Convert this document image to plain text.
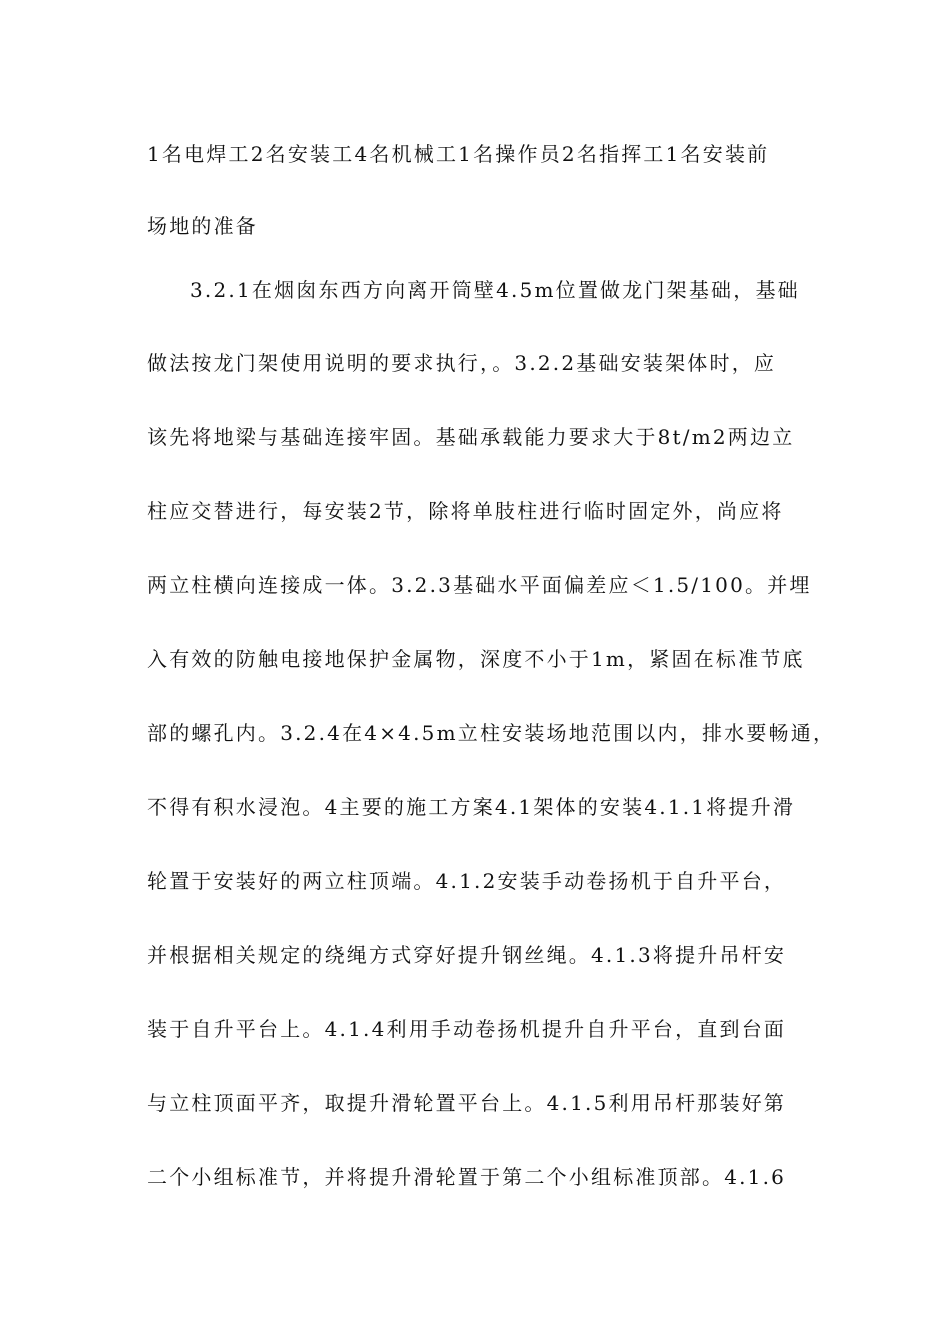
1名电焊工2名安装工4名机械工1名操作员2名指挥工1名安装前
场地的准备
3.2.1在烟囱东西方向离开筒壁4.5m位置做龙门架基础，基础
做法按龙门架使用说明的要求执行，。3.2.2基础安装架体时，应
该先将地梁与基础连接牢固。基础承载能力要求大于8t/m2两边立
柱应交替进行，每安装2节，除将单肢柱进行临时固定外，尚应将
两立柱横向连接成一体。3.2.3基础水平面偏差应＜1.5/100。并埋
入有效的防触电接地保护金属物，深度不小于1m，紧固在标准节底
部的螺孔内。3.2.4在4×4.5m立柱安装场地范围以内，排水要畅通，
不得有积水浸泡。4主要的施工方案4.1架体的安装4.1.1将提升滑
轮置于安装好的两立柱顶端。4.1.2安装手动卷扬机于自升平台，
并根据相关规定的绕绳方式穿好提升钢丝绳。4.1.3将提升吊杆安
装于自升平台上。4.1.4利用手动卷扬机提升自升平台，直到台面
与立柱顶面平齐，取提升滑轮置平台上。4.1.5利用吊杆那装好第
二个小组标准节，并将提升滑轮置于第二个小组标准顶部。4.1.6
